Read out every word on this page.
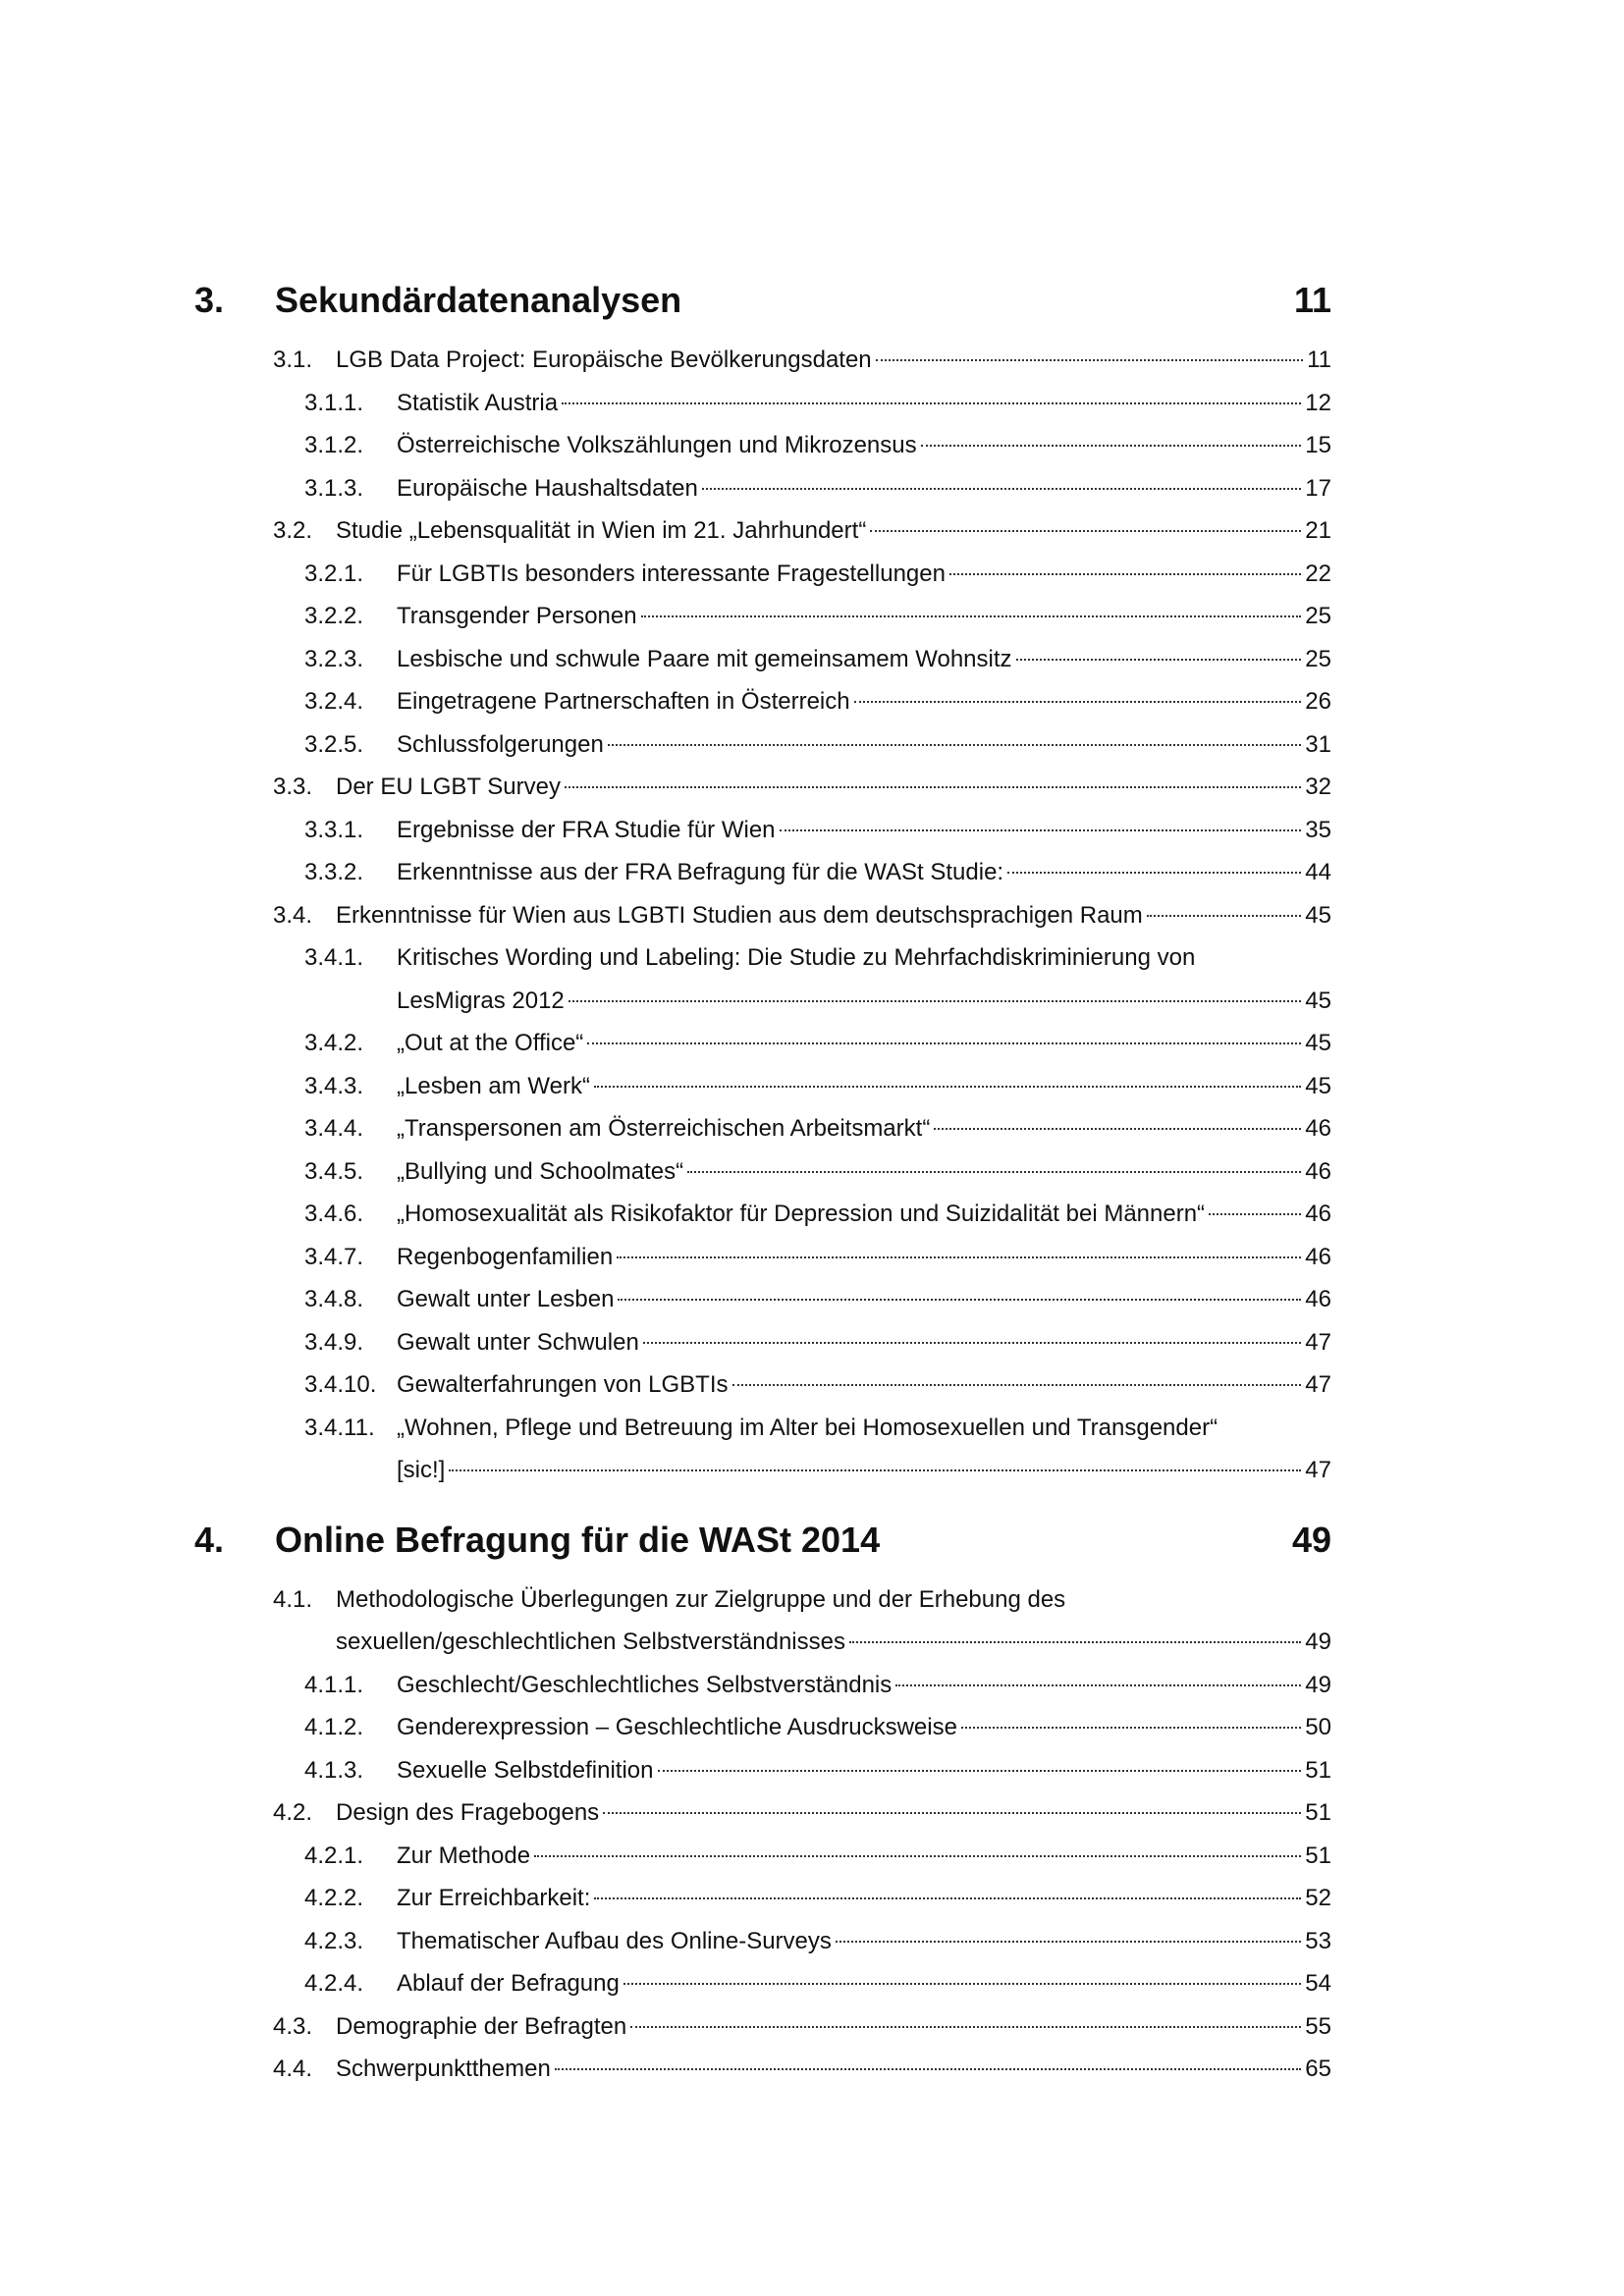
3.	Sekundärdatenanalysen	11
3.1. LGB Data Project: Europäische Bevölkerungsdaten	11
3.1.1.	Statistik Austria	12
3.1.2.	Österreichische Volkszählungen und Mikrozensus	15
3.1.3.	Europäische Haushaltsdaten	17
3.2. Studie „Lebensqualität in Wien im 21. Jahrhundert“	21
3.2.1.	Für LGBTIs besonders interessante Fragestellungen	22
3.2.2.	Transgender Personen	25
3.2.3.	Lesbische und schwule Paare mit gemeinsamem Wohnsitz	25
3.2.4.	Eingetragene Partnerschaften in Österreich	26
3.2.5.	Schlussfolgerungen	31
3.3. Der EU LGBT Survey	32
3.3.1.	Ergebnisse der FRA Studie für Wien	35
3.3.2.	Erkenntnisse aus der FRA Befragung für die WASt Studie:	44
3.4. Erkenntnisse für Wien aus LGBTI Studien aus dem deutschsprachigen Raum	45
3.4.1.	Kritisches Wording und Labeling: Die Studie zu Mehrfachdiskriminierung von
LesMigras 2012	45
3.4.2.	„Out at the Office“	45
3.4.3.	„Lesben am Werk“	45
3.4.4.	„Transpersonen am Österreichischen Arbeitsmarkt“	46
3.4.5.	„Bullying und Schoolmates“	46
3.4.6.	„Homosexualität als Risikofaktor für Depression und Suizidalität bei Männern“	46
3.4.7.	Regenbogenfamilien	46
3.4.8.	Gewalt unter Lesben	46
3.4.9.	Gewalt unter Schwulen	47
3.4.10. Gewalterfahrungen von LGBTIs	47
3.4.11. „Wohnen, Pflege und Betreuung im Alter bei Homosexuellen und Transgender“
[sic!]	47
4.	Online Befragung für die WASt 2014	49
4.1. Methodologische Überlegungen zur Zielgruppe und der Erhebung des
sexuellen/geschlechtlichen Selbstverständnisses	49
4.1.1.	Geschlecht/Geschlechtliches Selbstverständnis	49
4.1.2.	Genderexpression – Geschlechtliche Ausdrucksweise	50
4.1.3.	Sexuelle Selbstdefinition	51
4.2. Design des Fragebogens	51
4.2.1.	Zur Methode	51
4.2.2.	Zur Erreichbarkeit:	52
4.2.3.	Thematischer Aufbau des Online-Surveys	53
4.2.4.	Ablauf der Befragung	54
4.3. Demographie der Befragten	55
4.4. Schwerpunktthemen	65
